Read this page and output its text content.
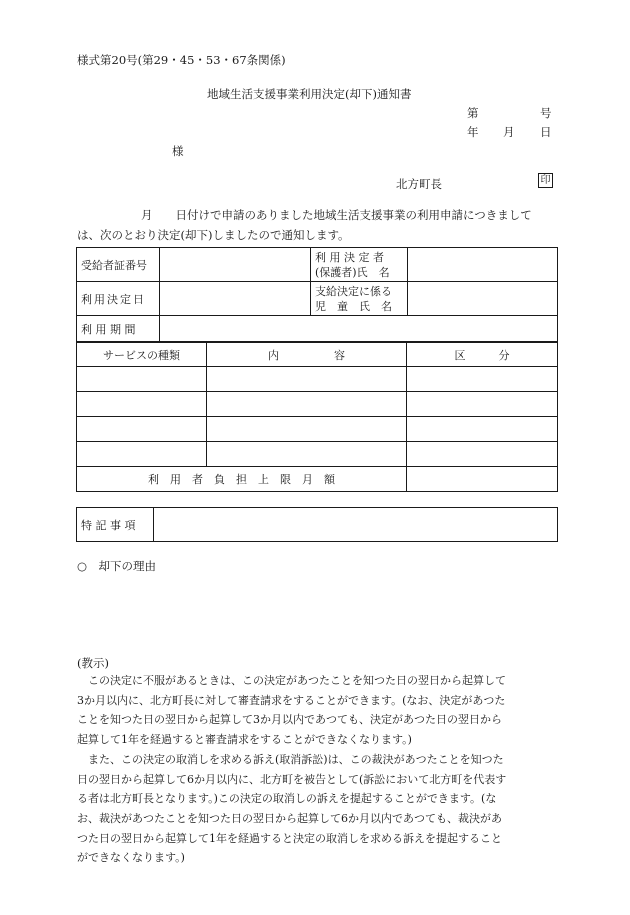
様式第20号(第29・45・53・67条関係)
地域生活支援事業利用決定(却下)通知書
第	号
年 月 日
様
北方町長	印
月　　日付けで申請のありました地域生活支援事業の利用申請につきまして
は、次のとおり決定(却下)しましたので通知します。
受給者証番号		利 用 決 定 者
(保護者)氏　名	

利用決定日		支給決定に係る
児　童　氏　名	

利 用 期 間			
サービスの種類	内　　　　　容	区　　　分

利　用　者　負　担　上　限　月　額		
特 記 事 項	
○　却下の理由
(教示)
　この決定に不服があるときは、この決定があつたことを知つた日の翌日から起算して
3か月以内に、北方町長に対して審査請求をすることができます。(なお、決定があつた
ことを知つた日の翌日から起算して3か月以内であつても、決定があつた日の翌日から
起算して1年を経過すると審査請求をすることができなくなります。)
　また、この決定の取消しを求める訴え(取消訴訟)は、この裁決があつたことを知つた
日の翌日から起算して6か月以内に、北方町を被告として(訴訟において北方町を代表す
る者は北方町長となります。)この決定の取消しの訴えを提起することができます。(な
お、裁決があつたことを知つた日の翌日から起算して6か月以内であつても、裁決があ
つた日の翌日から起算して1年を経過すると決定の取消しを求める訴えを提起すること
ができなくなります。)
